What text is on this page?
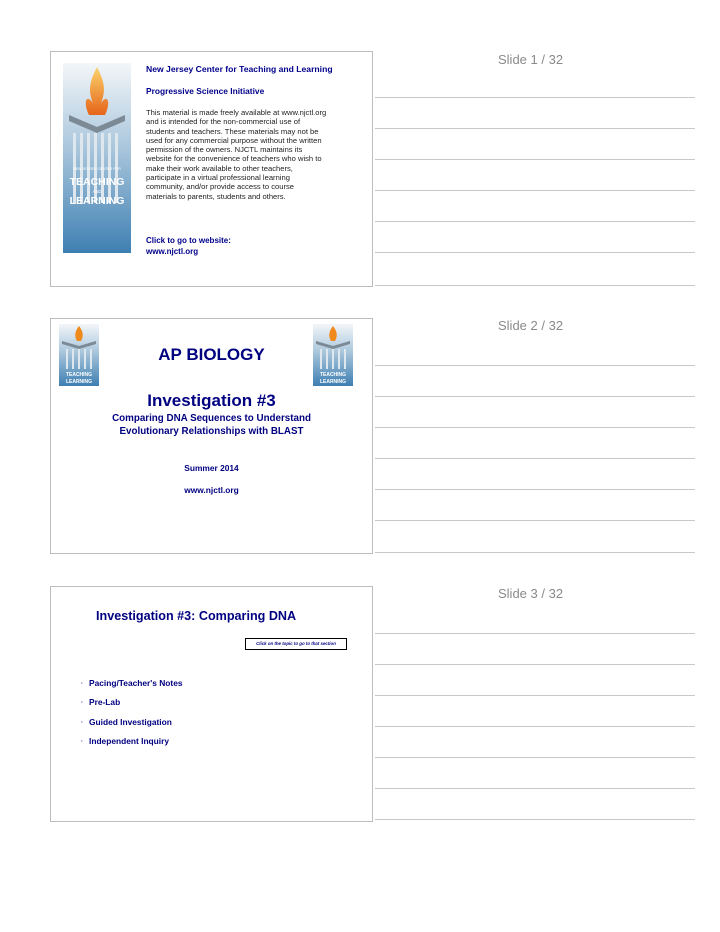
Slide 1 / 32
NEW JERSEY CENTER FOR
TEACHING
AND
LEARNING
New Jersey Center for Teaching and Learning
Progressive Science Initiative
This material is made freely available at www.njctl.org
and is intended for the non-commercial use of
students and teachers. These materials may not be
used for any commercial purpose without the written
permission of the owners. NJCTL maintains its
website for the convenience of teachers who wish to
make their work available to other teachers,
participate in a virtual professional learning
community, and/or provide access to course
materials to parents, students and others.
Click to go to website:
www.njctl.org
Slide 2 / 32
TEACHING
LEARNING
TEACHING
LEARNING
AP BIOLOGY
Investigation #3
Comparing DNA Sequences to Understand
Evolutionary Relationships with BLAST
Summer 2014
www.njctl.org
Slide 3 / 32
Investigation #3: Comparing DNA
Click on the topic to go to that section
· Pacing/Teacher's Notes
· Pre-Lab
· Guided Investigation
· Independent Inquiry
